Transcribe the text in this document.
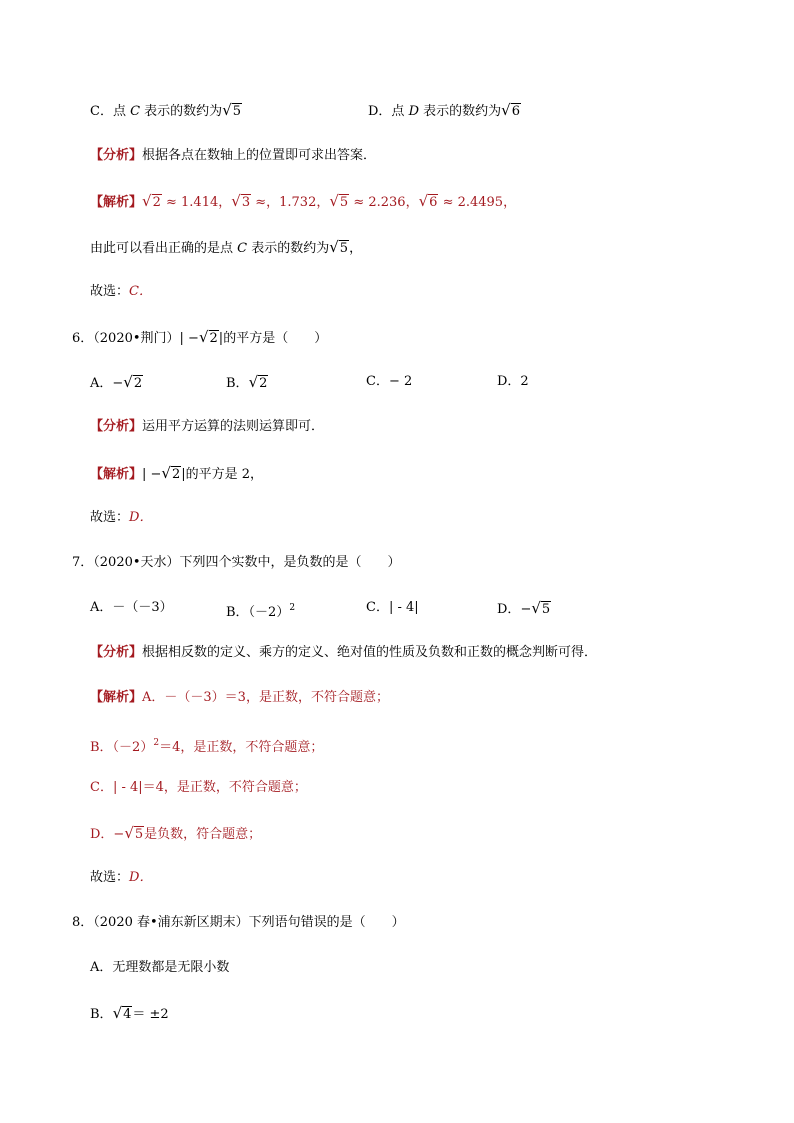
C．点 C 表示的数约为√5	D．点 D 表示的数约为√6
【分析】根据各点在数轴上的位置即可求出答案．
【解析】√2 ≈ 1.414，√3 ≈，1.732，√5 ≈ 2.236，√6 ≈ 2.4495，
由此可以看出正确的是点 C 表示的数约为√5，
故选：C．
6．（2020•荆门）| −√2|的平方是（　　）
A．−√2	B．√2	C．− 2	D．2
【分析】运用平方运算的法则运算即可．
【解析】| −√2|的平方是 2，
故选：D．
7．（2020•天水）下列四个实数中，是负数的是（　　）
A．－（－3）	B．$(-2)^2$	C．| - 4|	D．−√5
【分析】根据相反数的定义、乘方的定义、绝对值的性质及负数和正数的概念判断可得．
【解析】A．－（－3）＝3，是正数，不符合题意；
B．$(-2)^2=4$，是正数，不符合题意；
C．| - 4|＝4，是正数，不符合题意；
D．−√5是负数，符合题意；
故选：D．
8．（2020 春•浦东新区期末）下列语句错误的是（　　）
A．无理数都是无限小数
B．√4＝ ±2
